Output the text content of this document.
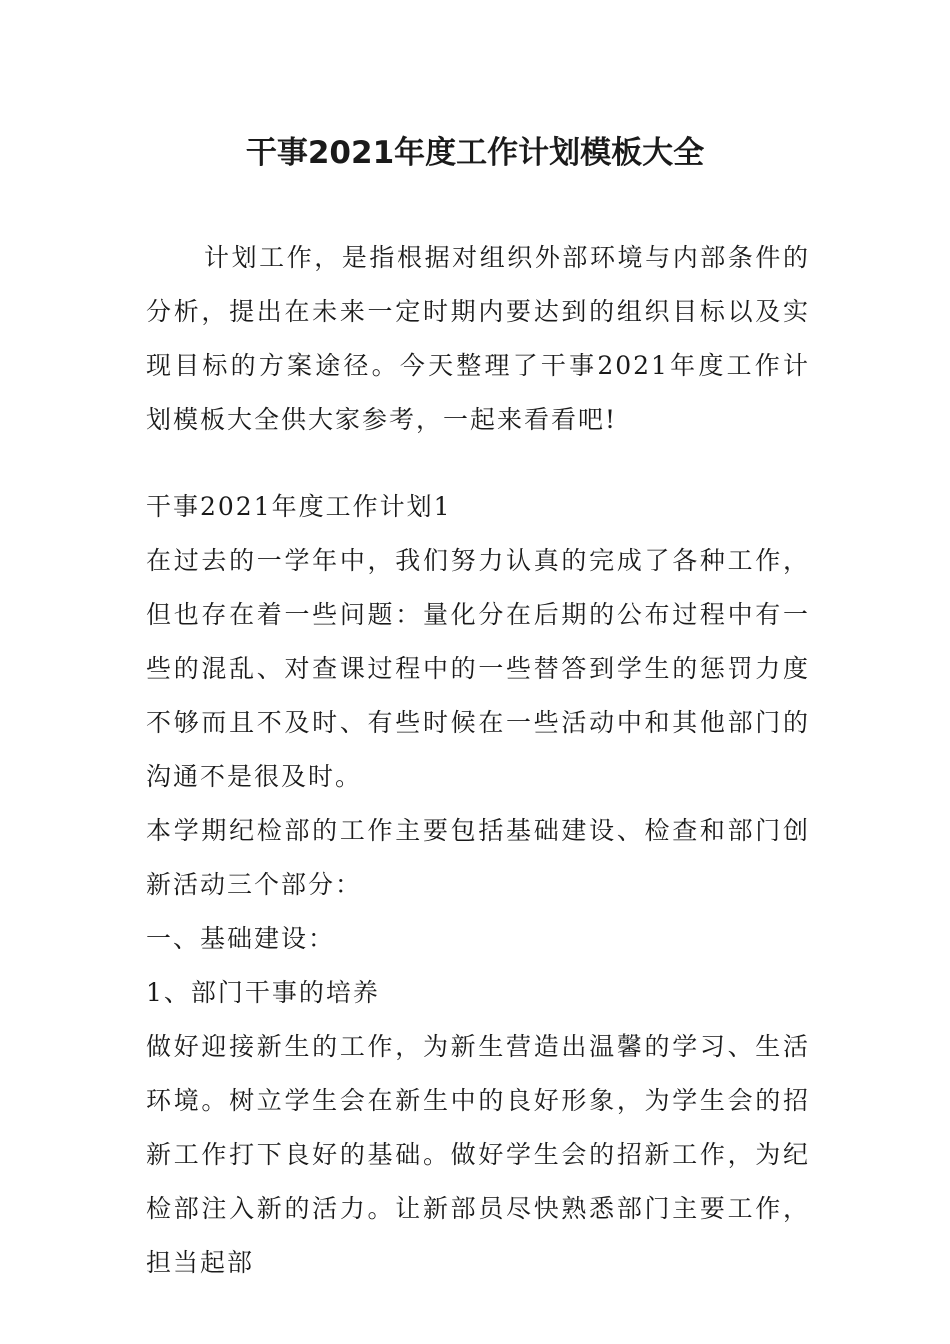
干事2021年度工作计划模板大全

计划工作，是指根据对组织外部环境与内部条件的分析，提出在未来一定时期内要达到的组织目标以及实现目标的方案途径。今天整理了干事2021年度工作计划模板大全供大家参考，一起来看看吧!

干事2021年度工作计划1

在过去的一学年中，我们努力认真的完成了各种工作，但也存在着一些问题：量化分在后期的公布过程中有一些的混乱、对查课过程中的一些替答到学生的惩罚力度不够而且不及时、有些时候在一些活动中和其他部门的沟通不是很及时。

本学期纪检部的工作主要包括基础建设、检查和部门创新活动三个部分：

一、基础建设：

1、部门干事的培养

做好迎接新生的工作，为新生营造出温馨的学习、生活环境。树立学生会在新生中的良好形象，为学生会的招新工作打下良好的基础。做好学生会的招新工作，为纪检部注入新的活力。让新部员尽快熟悉部门主要工作，担当起部
